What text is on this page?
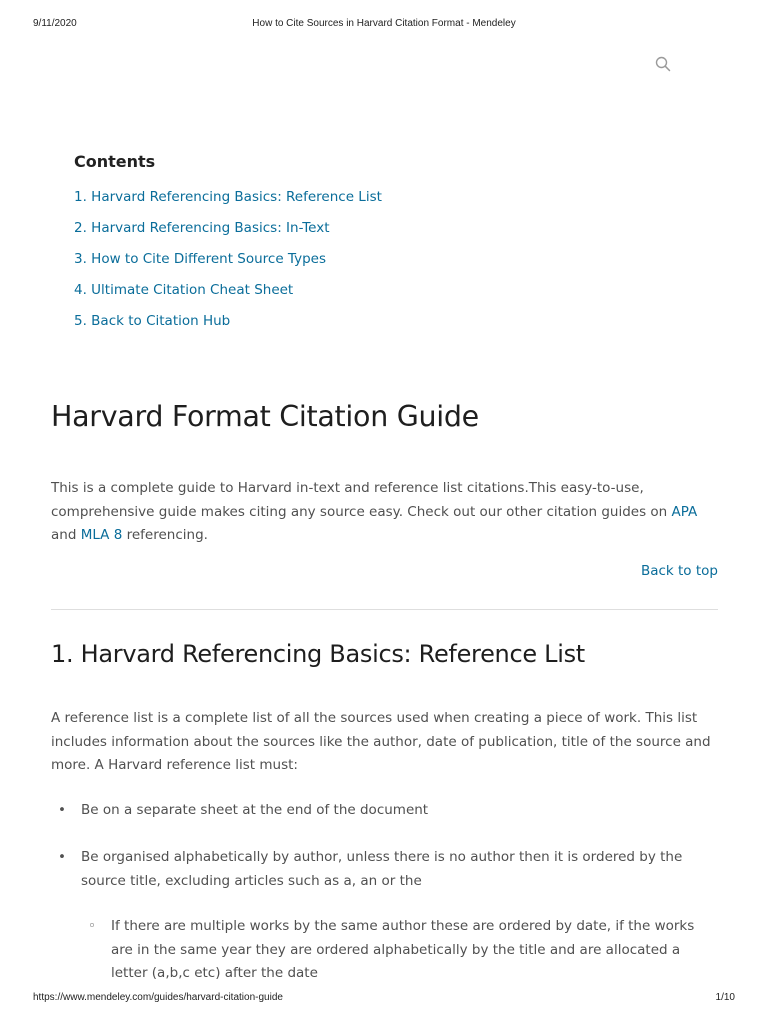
9/11/2020	How to Cite Sources in Harvard Citation Format - Mendeley
Contents
1. Harvard Referencing Basics: Reference List
2. Harvard Referencing Basics: In-Text
3. How to Cite Different Source Types
4. Ultimate Citation Cheat Sheet
5. Back to Citation Hub
Harvard Format Citation Guide

This is a complete guide to Harvard in-text and reference list citations.This easy-to-use, comprehensive guide makes citing any source easy. Check out our other citation guides on APA and MLA 8 referencing.

Back to top
1. Harvard Referencing Basics: Reference List

A reference list is a complete list of all the sources used when creating a piece of work. This list includes information about the sources like the author, date of publication, title of the source and more. A Harvard reference list must:

• Be on a separate sheet at the end of the document
• Be organised alphabetically by author, unless there is no author then it is ordered by the source title, excluding articles such as a, an or the
◦ If there are multiple works by the same author these are ordered by date, if the works are in the same year they are ordered alphabetically by the title and are allocated a letter (a,b,c etc) after the date
https://www.mendeley.com/guides/harvard-citation-guide	1/10
